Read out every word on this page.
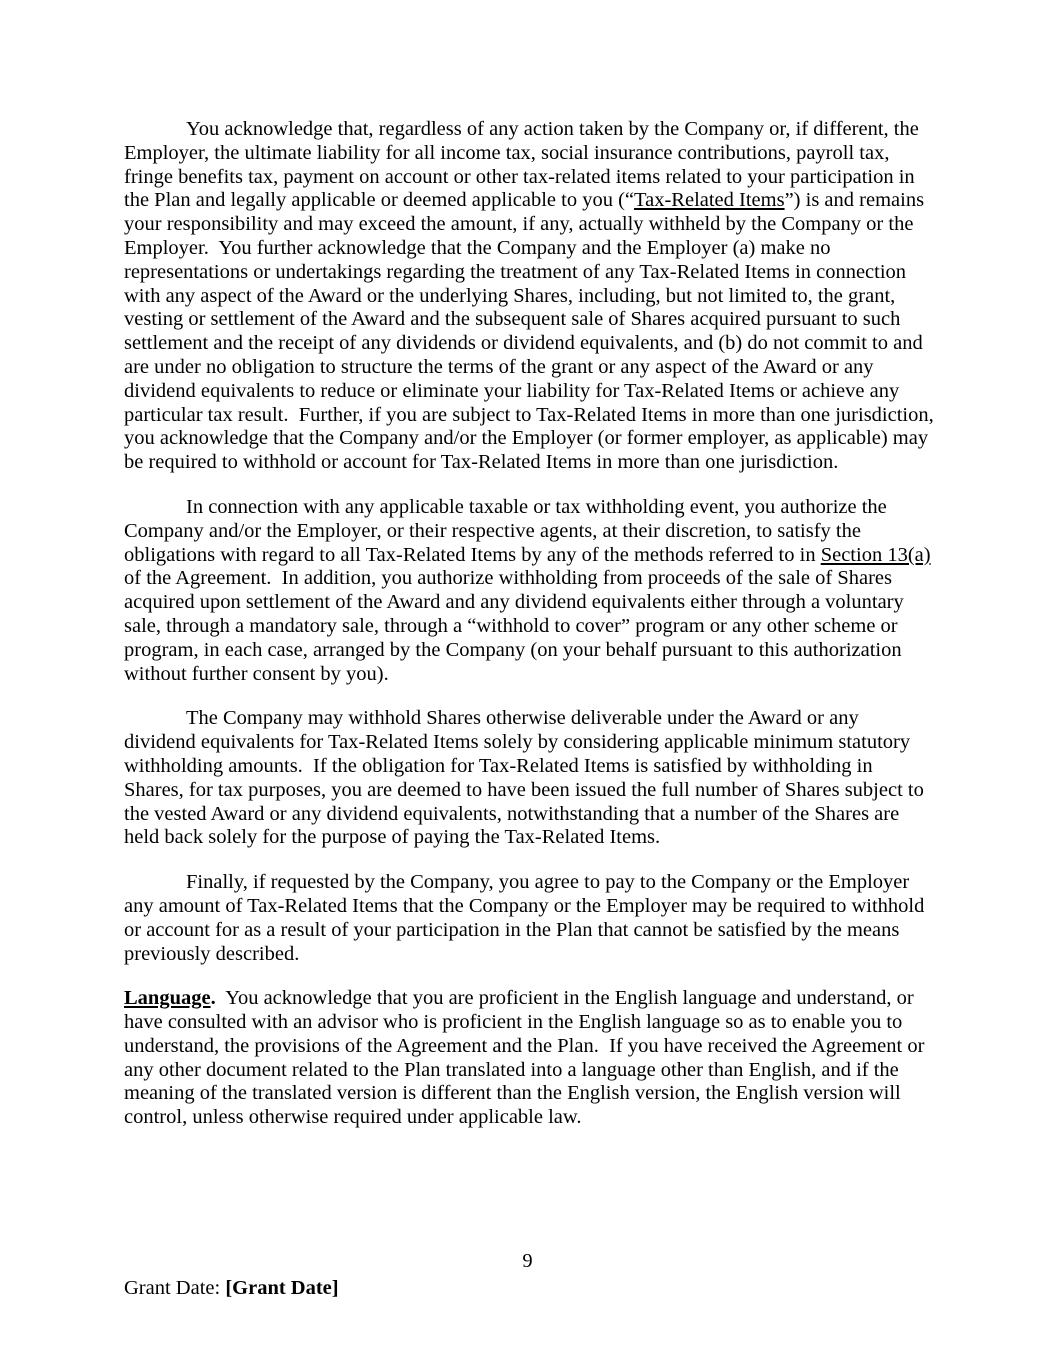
You acknowledge that, regardless of any action taken by the Company or, if different, the Employer, the ultimate liability for all income tax, social insurance contributions, payroll tax, fringe benefits tax, payment on account or other tax-related items related to your participation in the Plan and legally applicable or deemed applicable to you (“Tax-Related Items”) is and remains your responsibility and may exceed the amount, if any, actually withheld by the Company or the Employer.  You further acknowledge that the Company and the Employer (a) make no representations or undertakings regarding the treatment of any Tax-Related Items in connection with any aspect of the Award or the underlying Shares, including, but not limited to, the grant, vesting or settlement of the Award and the subsequent sale of Shares acquired pursuant to such settlement and the receipt of any dividends or dividend equivalents, and (b) do not commit to and are under no obligation to structure the terms of the grant or any aspect of the Award or any dividend equivalents to reduce or eliminate your liability for Tax-Related Items or achieve any particular tax result.  Further, if you are subject to Tax-Related Items in more than one jurisdiction, you acknowledge that the Company and/or the Employer (or former employer, as applicable) may be required to withhold or account for Tax-Related Items in more than one jurisdiction.

In connection with any applicable taxable or tax withholding event, you authorize the Company and/or the Employer, or their respective agents, at their discretion, to satisfy the obligations with regard to all Tax-Related Items by any of the methods referred to in Section 13(a) of the Agreement.  In addition, you authorize withholding from proceeds of the sale of Shares acquired upon settlement of the Award and any dividend equivalents either through a voluntary sale, through a mandatory sale, through a “withhold to cover” program or any other scheme or program, in each case, arranged by the Company (on your behalf pursuant to this authorization without further consent by you).

The Company may withhold Shares otherwise deliverable under the Award or any dividend equivalents for Tax-Related Items solely by considering applicable minimum statutory withholding amounts.  If the obligation for Tax-Related Items is satisfied by withholding in Shares, for tax purposes, you are deemed to have been issued the full number of Shares subject to the vested Award or any dividend equivalents, notwithstanding that a number of the Shares are held back solely for the purpose of paying the Tax-Related Items.

Finally, if requested by the Company, you agree to pay to the Company or the Employer any amount of Tax-Related Items that the Company or the Employer may be required to withhold or account for as a result of your participation in the Plan that cannot be satisfied by the means previously described.

Language.  You acknowledge that you are proficient in the English language and understand, or have consulted with an advisor who is proficient in the English language so as to enable you to understand, the provisions of the Agreement and the Plan.  If you have received the Agreement or any other document related to the Plan translated into a language other than English, and if the meaning of the translated version is different than the English version, the English version will control, unless otherwise required under applicable law.

9
Grant Date: [Grant Date]
